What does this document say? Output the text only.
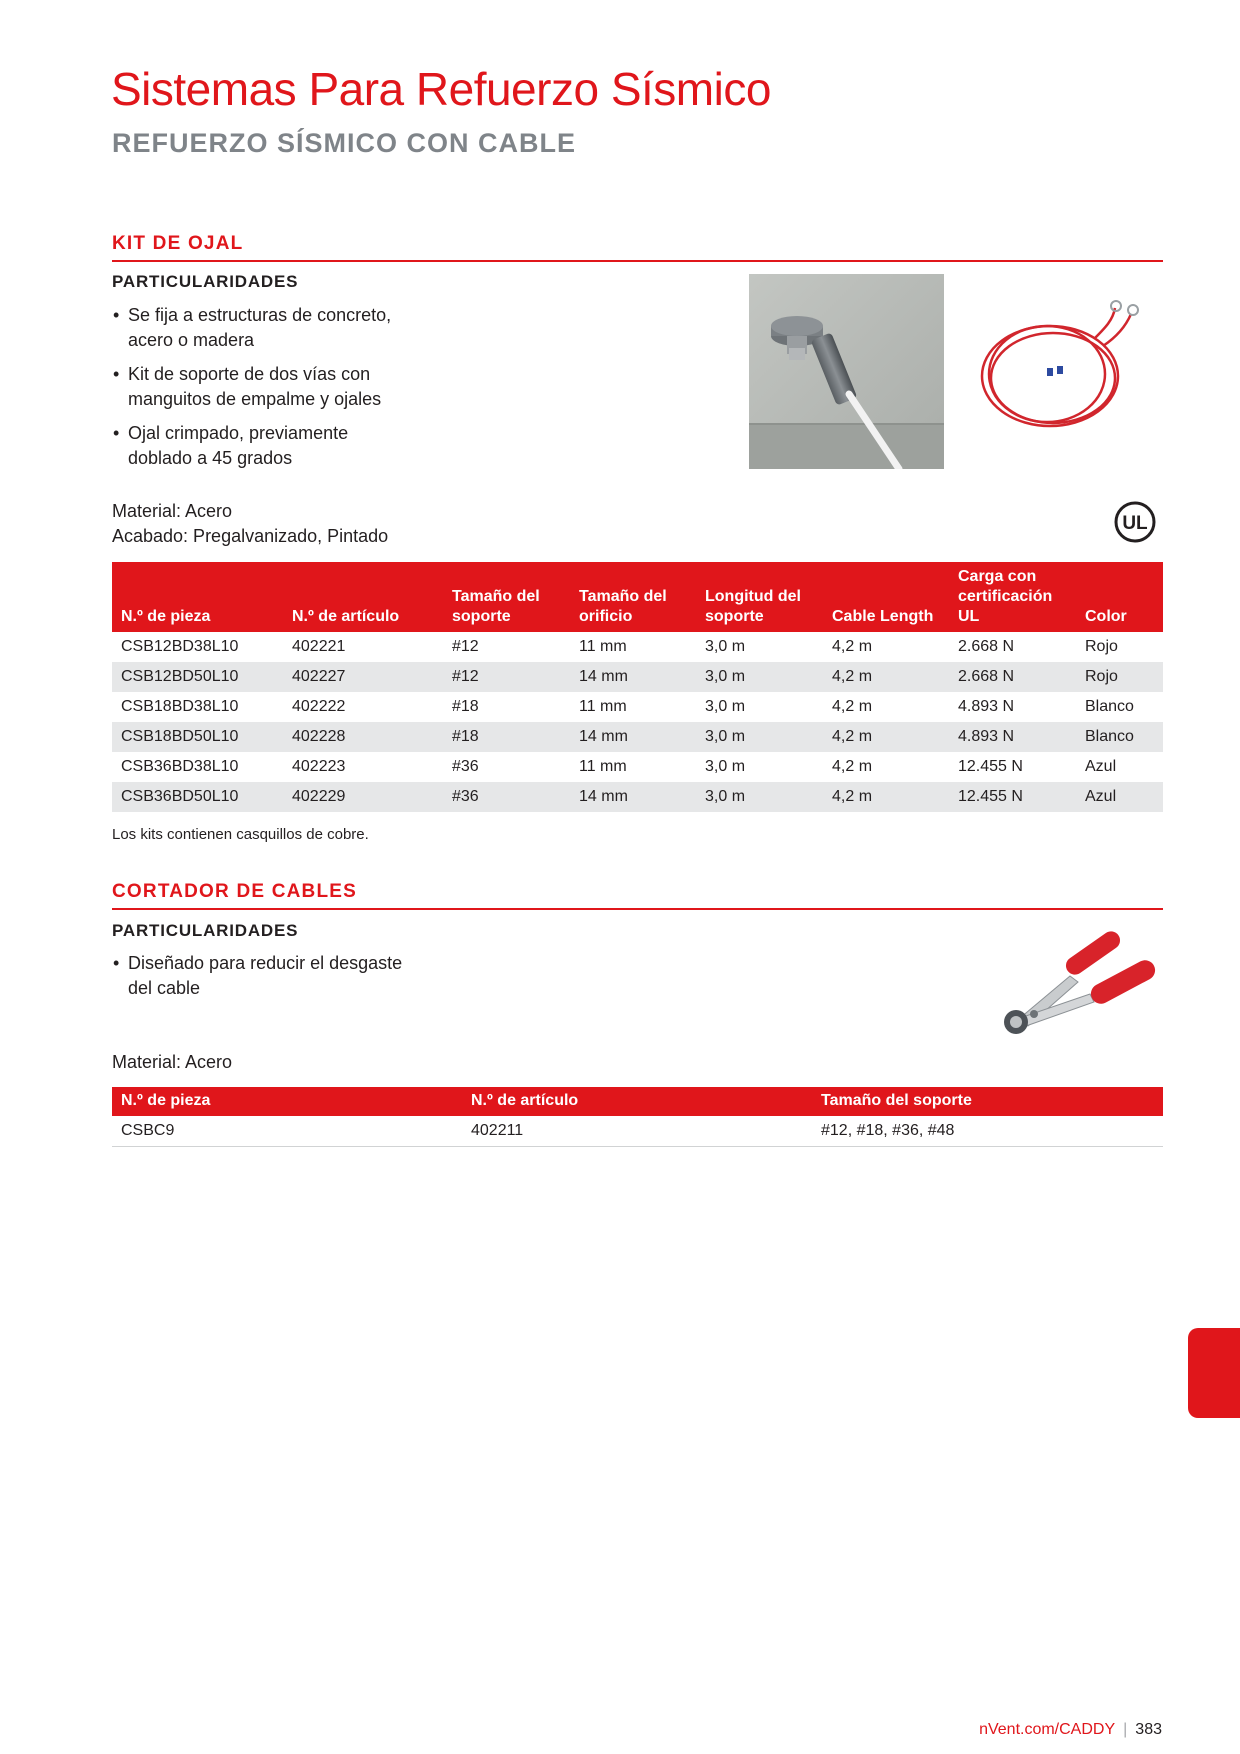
Sistemas Para Refuerzo Sísmico
REFUERZO SÍSMICO CON CABLE
KIT DE OJAL
PARTICULARIDADES
• Se fija a estructuras de concreto, acero o madera
• Kit de soporte de dos vías con manguitos de empalme y ojales
• Ojal crimpado, previamente doblado a 45 grados
Material: Acero
Acabado: Pregalvanizado, Pintado
UL
N.º de pieza	N.º de artículo	Tamaño del soporte	Tamaño del orificio	Longitud del soporte	Cable Length	Carga con certificación UL	Color
CSB12BD38L10	402221	#12	11 mm	3,0 m	4,2 m	2.668 N	Rojo
CSB12BD50L10	402227	#12	14 mm	3,0 m	4,2 m	2.668 N	Rojo
CSB18BD38L10	402222	#18	11 mm	3,0 m	4,2 m	4.893 N	Blanco
CSB18BD50L10	402228	#18	14 mm	3,0 m	4,2 m	4.893 N	Blanco
CSB36BD38L10	402223	#36	11 mm	3,0 m	4,2 m	12.455 N	Azul
CSB36BD50L10	402229	#36	14 mm	3,0 m	4,2 m	12.455 N	Azul
Los kits contienen casquillos de cobre.
CORTADOR DE CABLES
PARTICULARIDADES
• Diseñado para reducir el desgaste del cable
Material: Acero
N.º de pieza	N.º de artículo	Tamaño del soporte
CSBC9	402211	#12, #18, #36, #48
nVent.com/CADDY | 383
